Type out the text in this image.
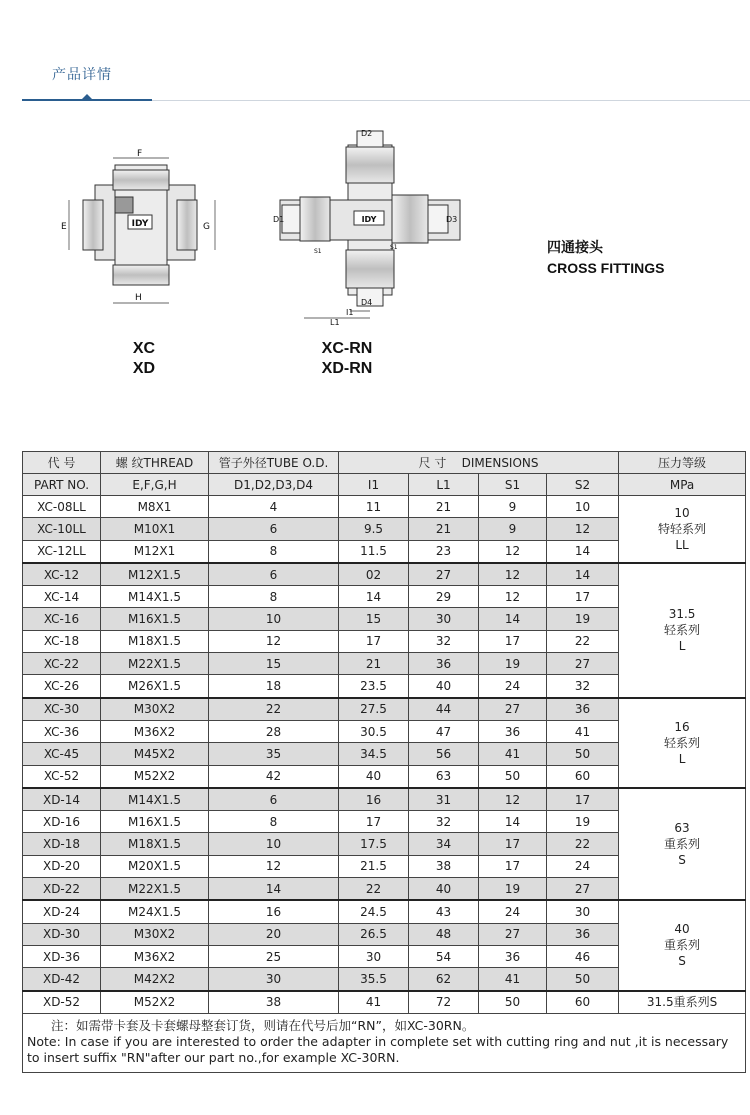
产品详情
IDY
F
E	G
H
XC
XD
IDY
D2
D1	D3
D4
S1
S1
L1
I1
XC-RN
XD-RN
四通接头
CROSS FITTINGS
代 号	螺 纹THREAD	管子外径TUBE O.D.	尺 寸 DIMENSIONS				压力等级
PART NO.	E,F,G,H	D1,D2,D3,D4	I1	L1	S1	S2	MPa
XC-08LL	M8X1	4	11	21	9	10	10
特轻系列
LL

XC-10LL	M10X1	6	9.5	21	9	12	
XC-12LL	M12X1	8	11.5	23	12	14	
XC-12	M12X1.5	6	02	27	12	14	31.5
轻系列
L

XC-14	M14X1.5	8	14	29	12	17	
XC-16	M16X1.5	10	15	30	14	19	
XC-18	M18X1.5	12	17	32	17	22	
XC-22	M22X1.5	15	21	36	19	27	
XC-26	M26X1.5	18	23.5	40	24	32	
XC-30	M30X2	22	27.5	44	27	36	16
轻系列
L

XC-36	M36X2	28	30.5	47	36	41	
XC-45	M45X2	35	34.5	56	41	50	
XC-52	M52X2	42	40	63	50	60	
XD-14	M14X1.5	6	16	31	12	17	63
重系列
S

XD-16	M16X1.5	8	17	32	14	19	
XD-18	M18X1.5	10	17.5	34	17	22	
XD-20	M20X1.5	12	21.5	38	17	24	
XD-22	M22X1.5	14	22	40	19	27	
XD-24	M24X1.5	16	24.5	43	24	30	40
重系列
S

XD-30	M30X2	20	26.5	48	27	36	
XD-36	M36X2	25	30	54	36	46	
XD-42	M42X2	30	35.5	62	41	50	
XD-52	M52X2	38	41	72	50	60	31.5重系列S

注：如需带卡套及卡套螺母整套订货，则请在代号后加“RN”，如XC-30RN。
Note: In case if you are interested to order the adapter in complete set with cutting ring and nut ,it is necessary to insert suffix "RN"after our part no.,for example XC-30RN.							
